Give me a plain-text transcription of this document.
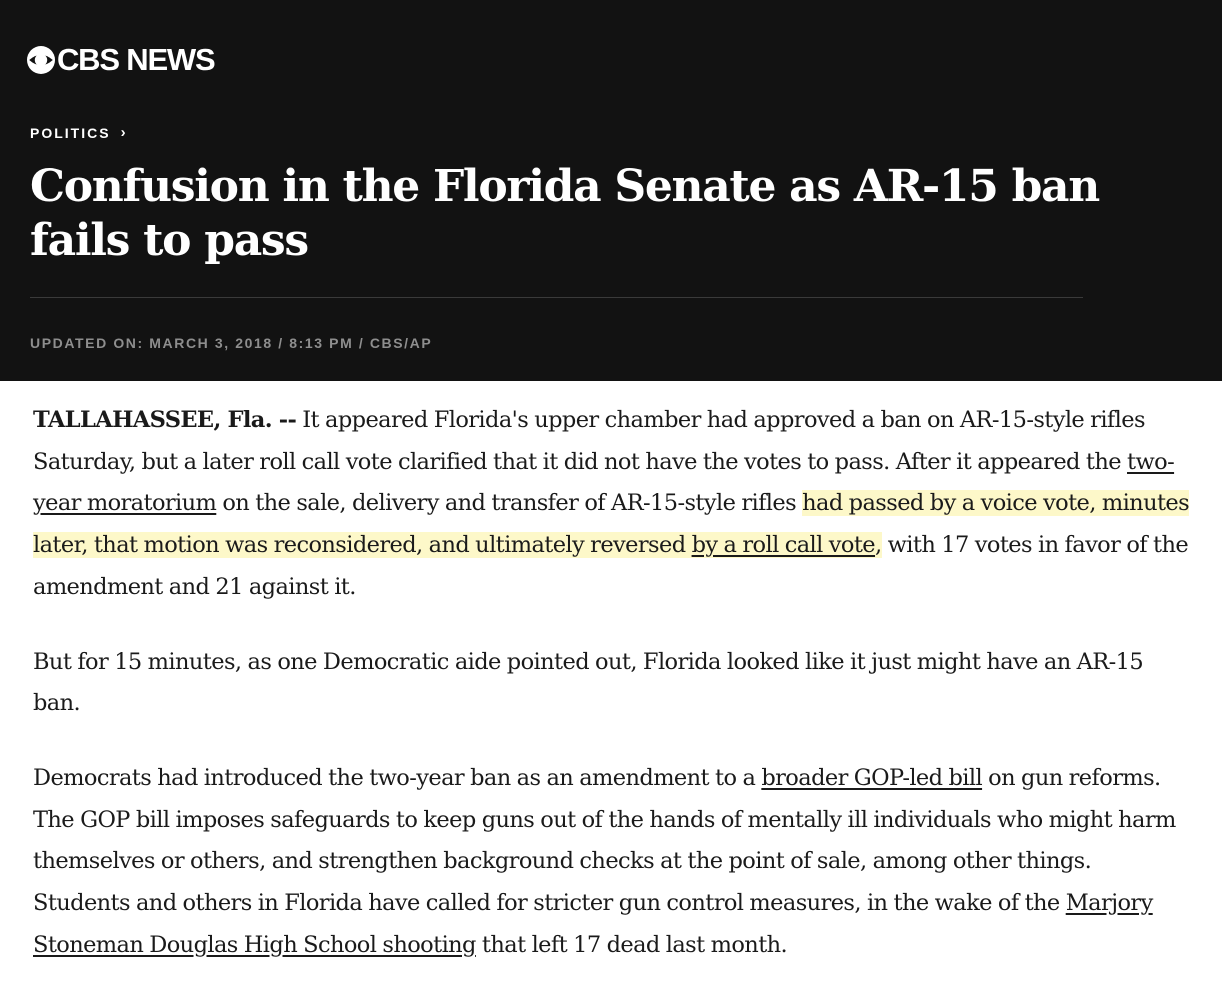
CBS NEWS
POLITICS ›
Confusion in the Florida Senate as AR-15 ban fails to pass
UPDATED ON: MARCH 3, 2018 / 8:13 PM / CBS/AP

TALLAHASSEE, Fla. -- It appeared Florida's upper chamber had approved a ban on AR-15-style rifles Saturday, but a later roll call vote clarified that it did not have the votes to pass. After it appeared the two-year moratorium on the sale, delivery and transfer of AR-15-style rifles had passed by a voice vote, minutes later, that motion was reconsidered, and ultimately reversed by a roll call vote, with 17 votes in favor of the amendment and 21 against it.

But for 15 minutes, as one Democratic aide pointed out, Florida looked like it just might have an AR-15 ban.

Democrats had introduced the two-year ban as an amendment to a broader GOP-led bill on gun reforms. The GOP bill imposes safeguards to keep guns out of the hands of mentally ill individuals who might harm themselves or others, and strengthen background checks at the point of sale, among other things. Students and others in Florida have called for stricter gun control measures, in the wake of the Marjory Stoneman Douglas High School shooting that left 17 dead last month.
